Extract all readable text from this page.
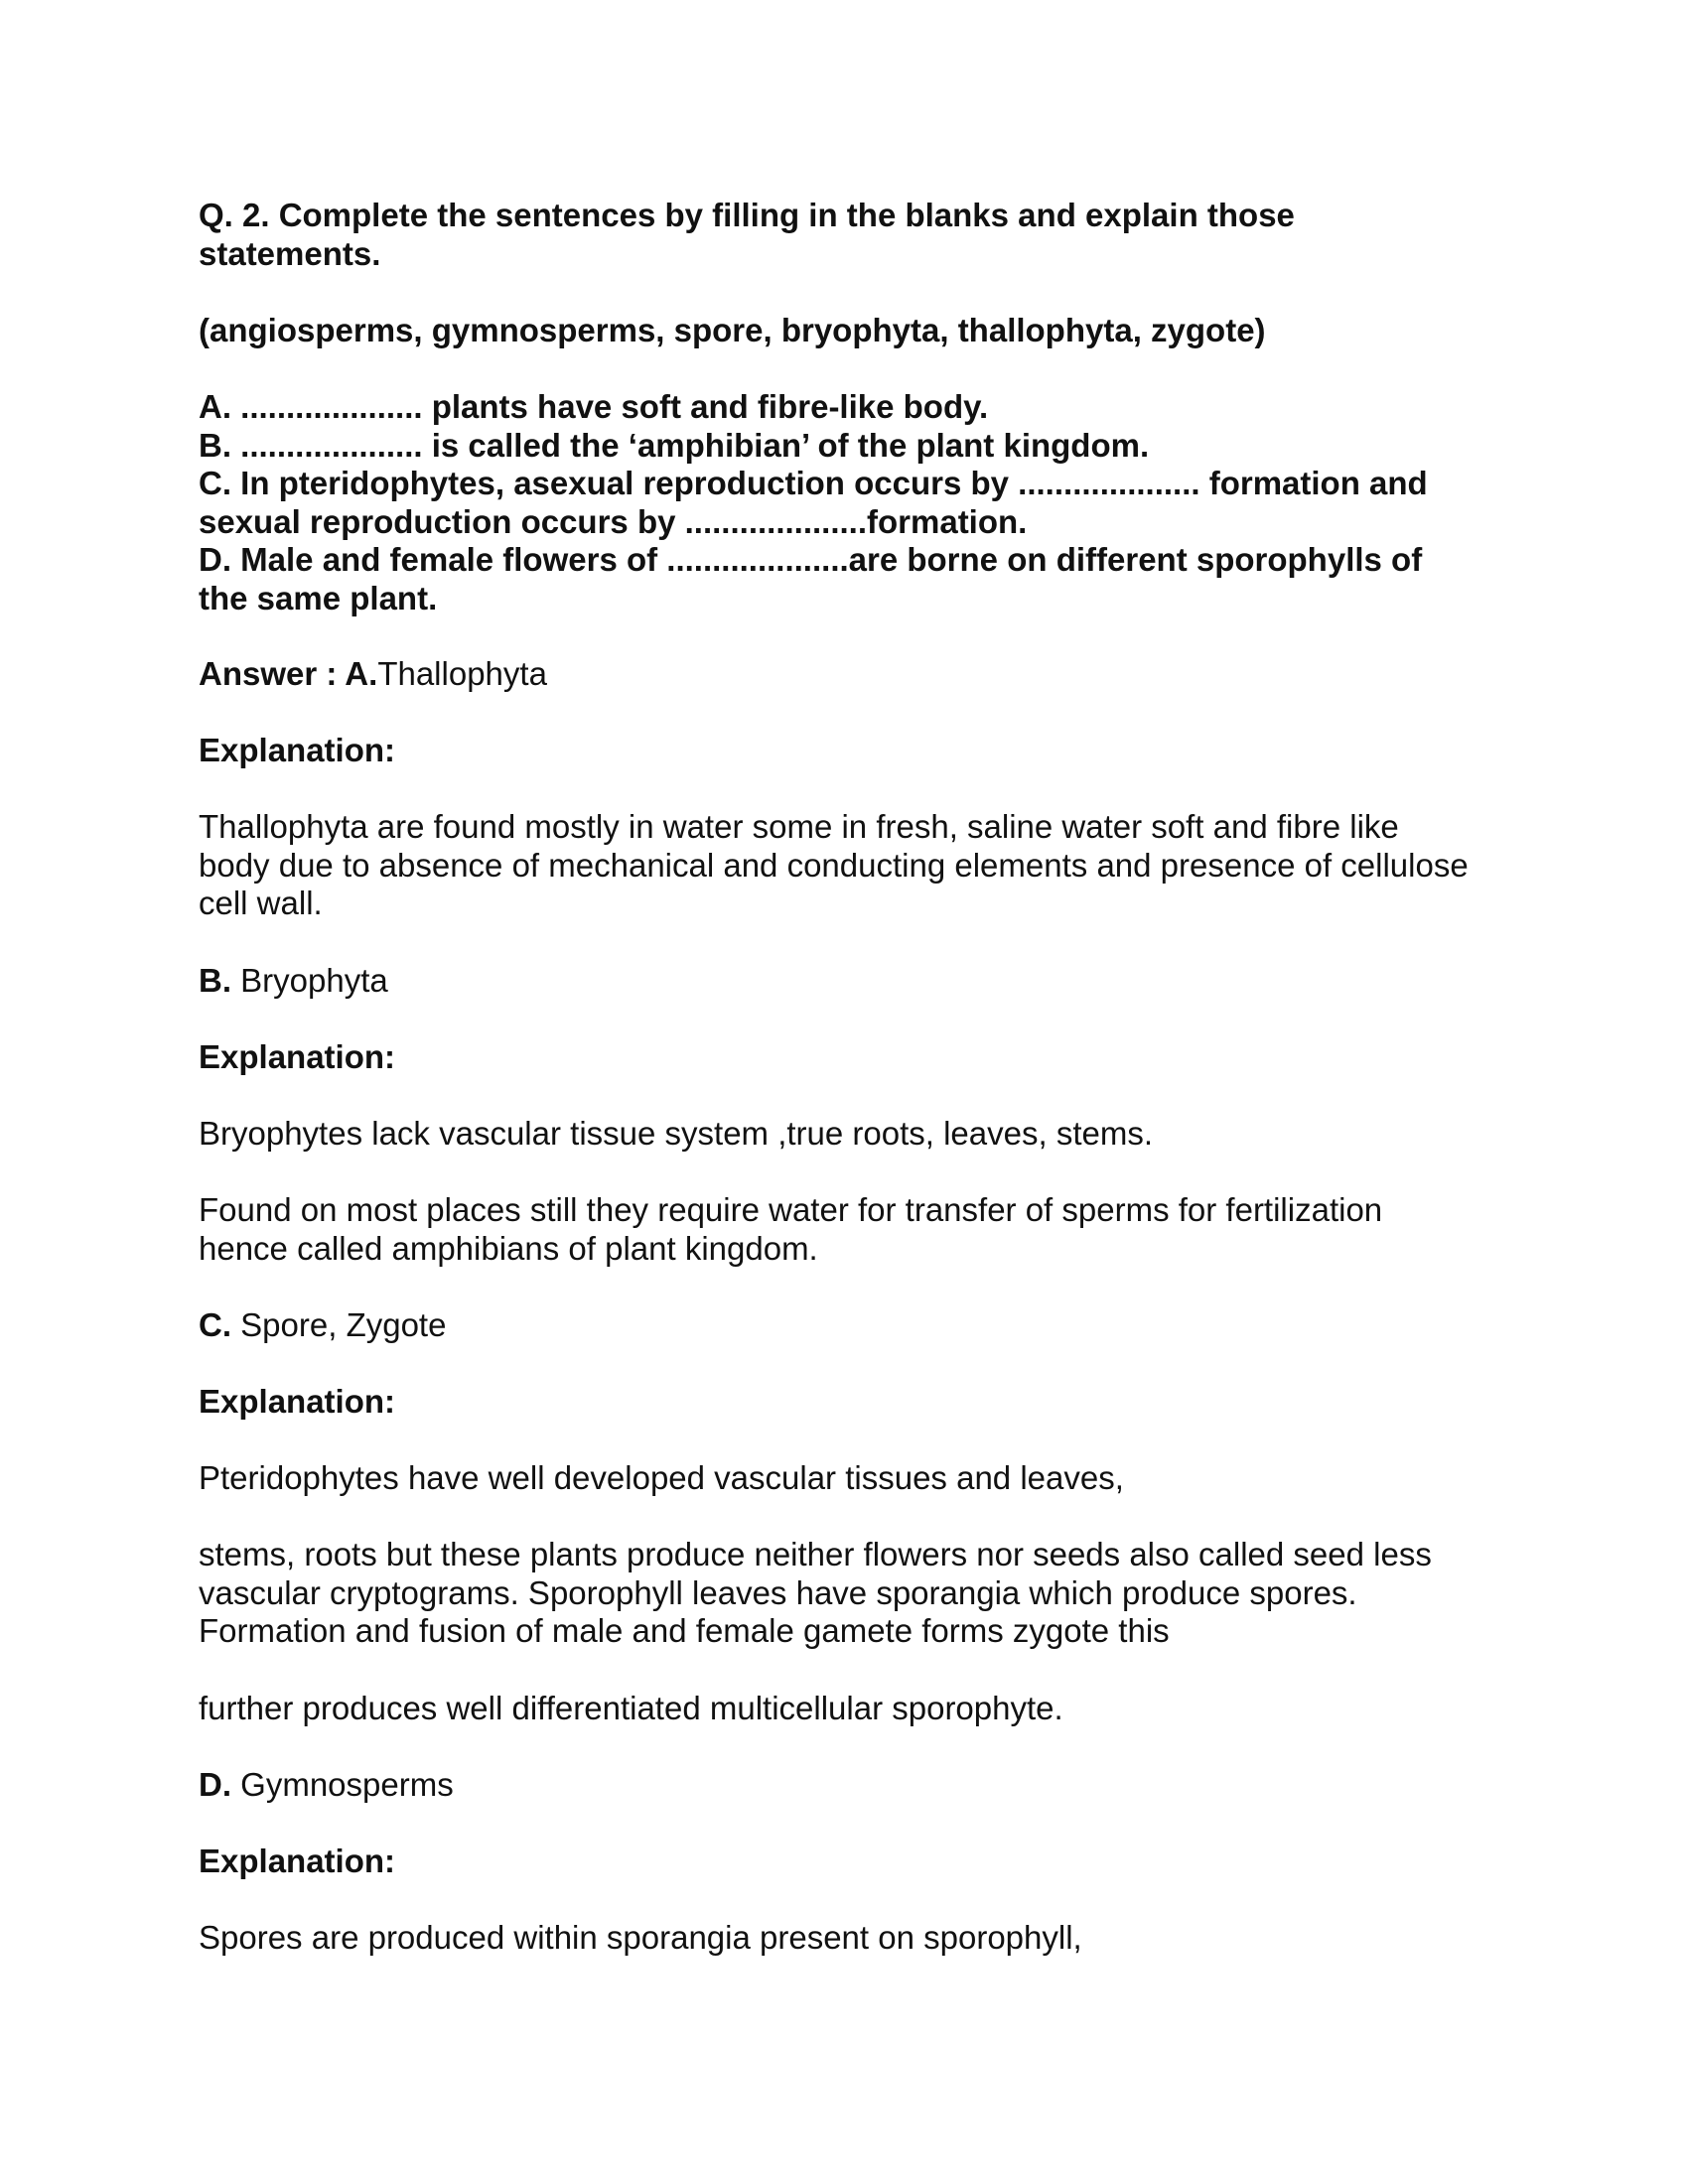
Q. 2. Complete the sentences by filling in the blanks and explain those
statements.
(angiosperms, gymnosperms, spore, bryophyta, thallophyta, zygote)
A. .................... plants have soft and fibre-like body.
B. .................... is called the ‘amphibian’ of the plant kingdom.
C. In pteridophytes, asexual reproduction occurs by .................... formation and
sexual reproduction occurs by ....................formation.
D. Male and female flowers of ....................are borne on different sporophylls of
the same plant.
Answer : A.Thallophyta
Explanation:
Thallophyta are found mostly in water some in fresh, saline water soft and fibre like
body due to absence of mechanical and conducting elements and presence of cellulose
cell wall.
B. Bryophyta
Explanation:
Bryophytes lack vascular tissue system ,true roots, leaves, stems.
Found on most places still they require water for transfer of sperms for fertilization
hence called amphibians of plant kingdom.
C. Spore, Zygote
Explanation:
Pteridophytes have well developed vascular tissues and leaves,
stems, roots but these plants produce neither flowers nor seeds also called seed less
vascular cryptograms. Sporophyll leaves have sporangia which produce spores.
Formation and fusion of male and female gamete forms zygote this
further produces well differentiated multicellular sporophyte.
D. Gymnosperms
Explanation:
Spores are produced within sporangia present on sporophyll,
